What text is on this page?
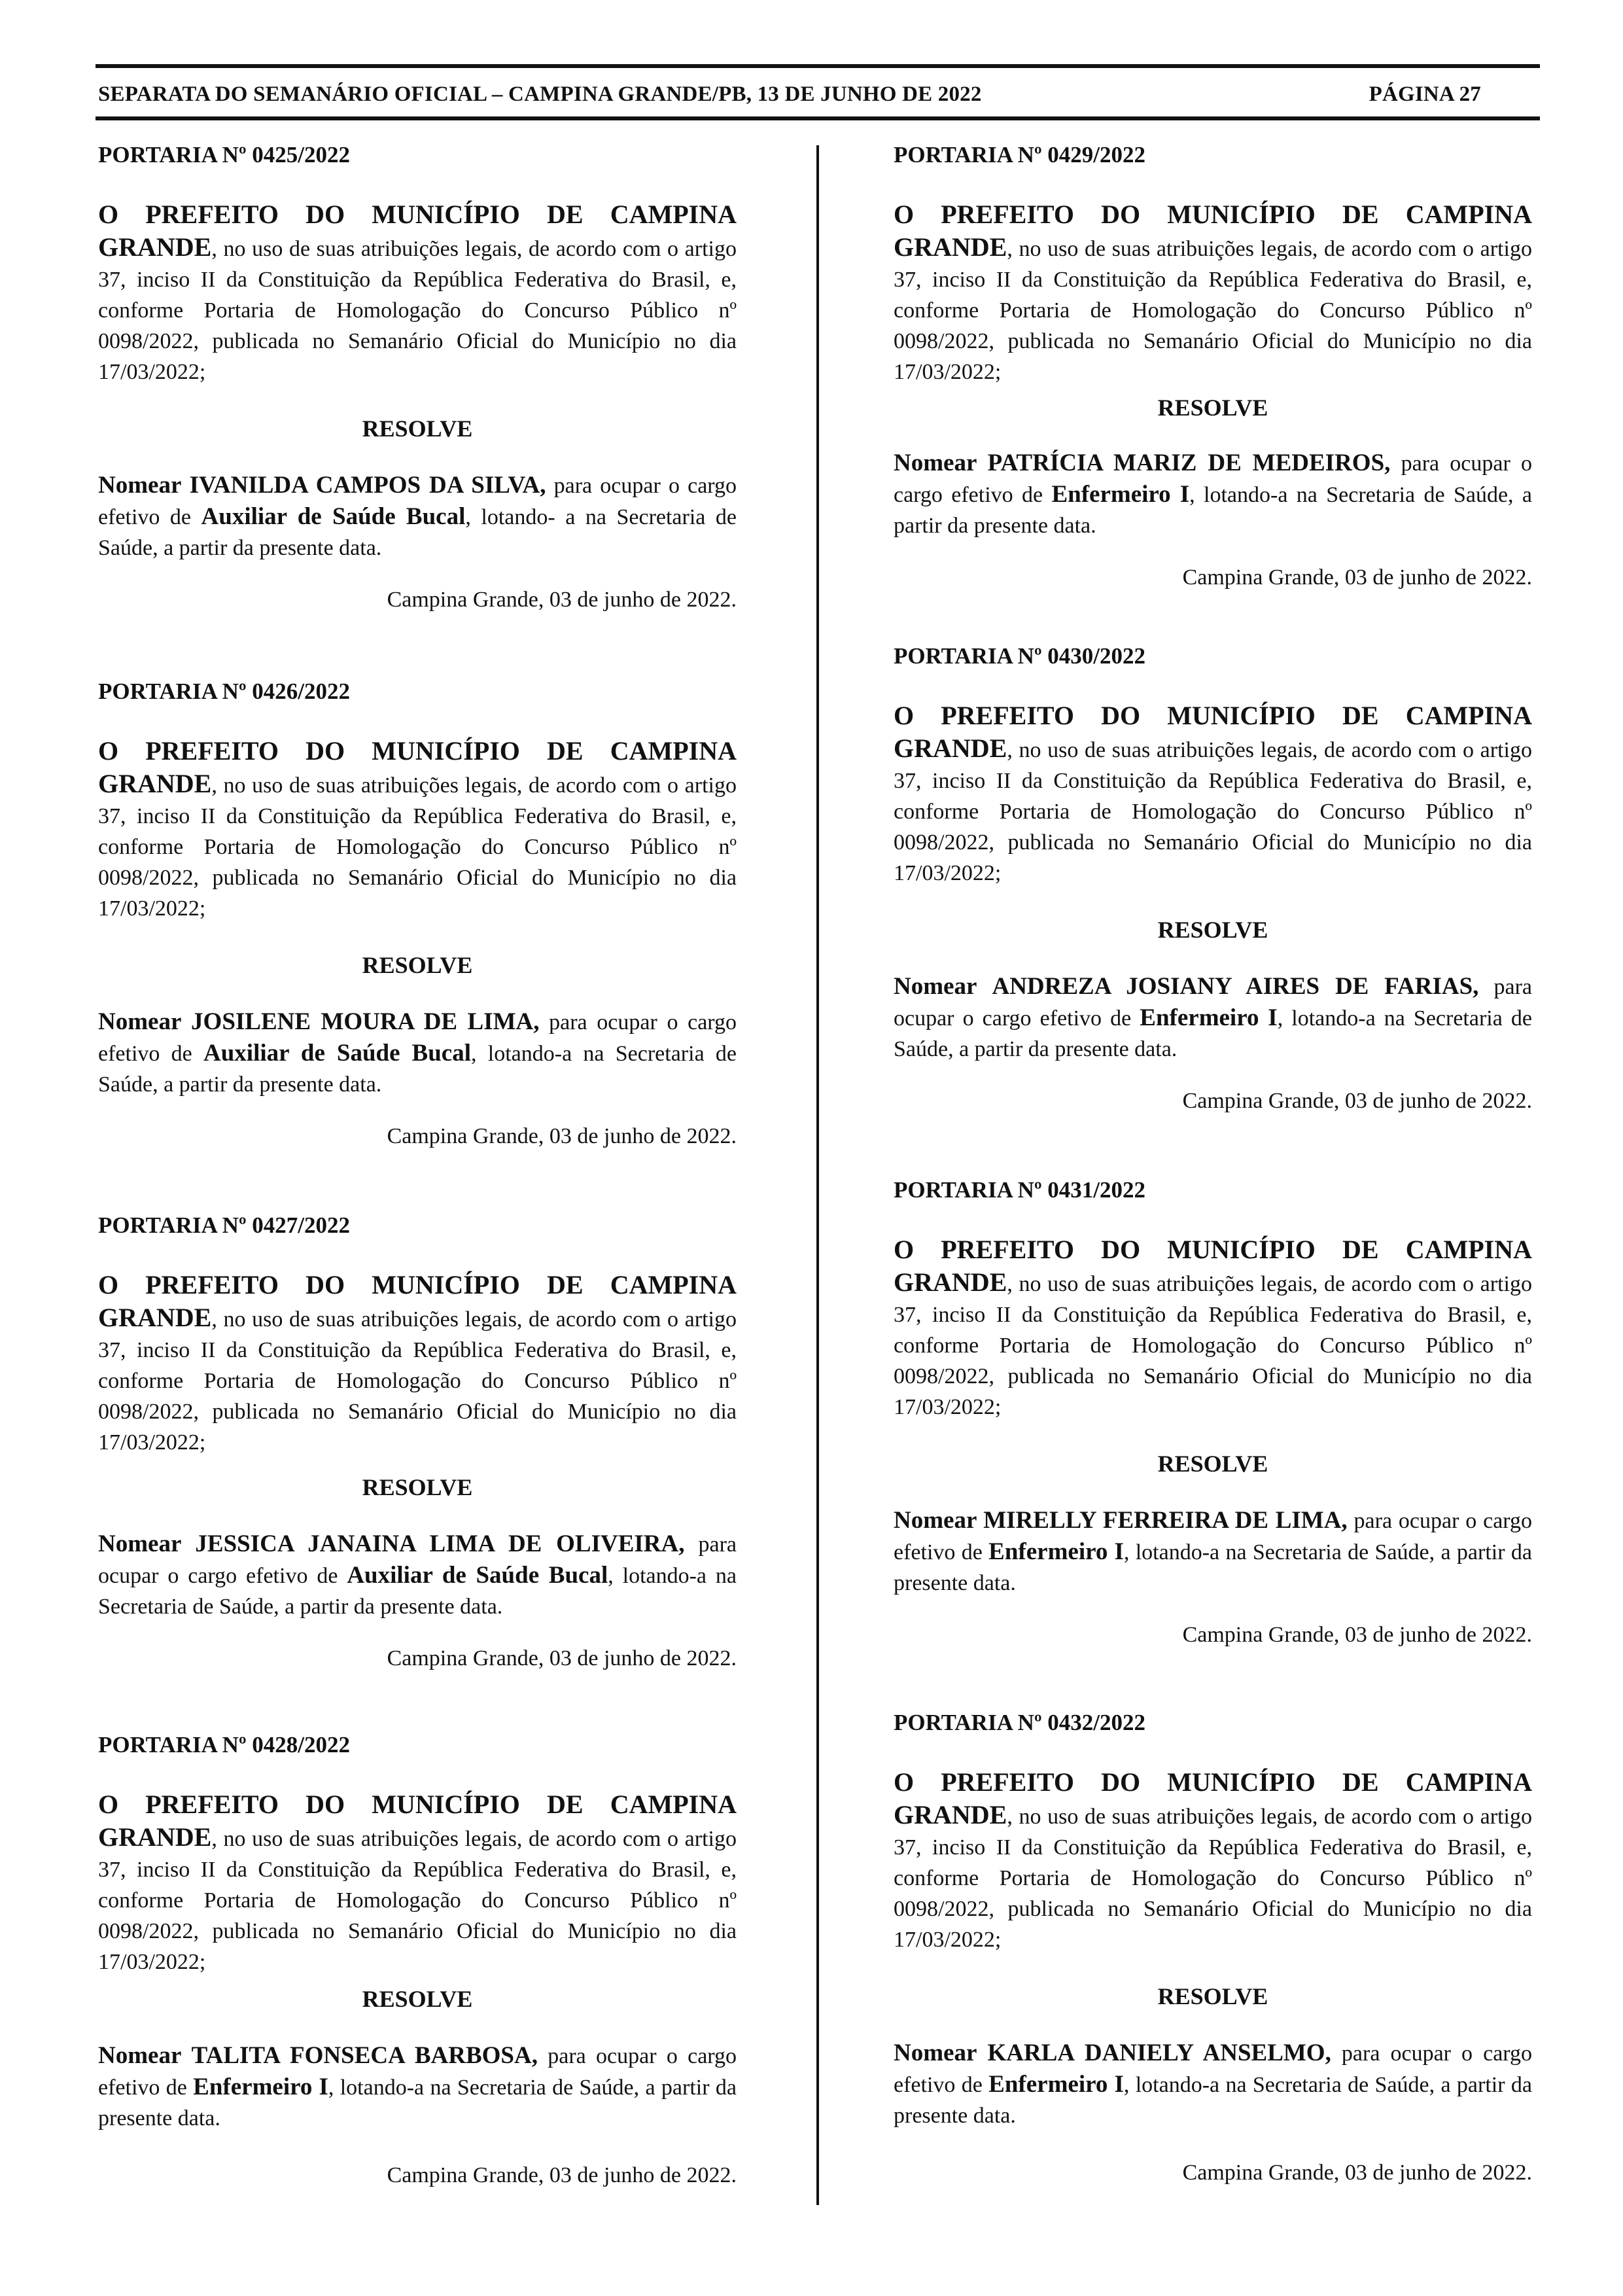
SEPARATA DO SEMANÁRIO OFICIAL – CAMPINA GRANDE/PB, 13 DE JUNHO DE 2022	PÁGINA 27
PORTARIA Nº 0425/2022

O PREFEITO DO MUNICÍPIO DE CAMPINA GRANDE, no uso de suas atribuições legais, de acordo com o artigo 37, inciso II da Constituição da República Federativa do Brasil, e, conforme Portaria de Homologação do Concurso Público nº 0098/2022, publicada no Semanário Oficial do Município no dia 17/03/2022;

RESOLVE

Nomear IVANILDA CAMPOS DA SILVA, para ocupar o cargo efetivo de Auxiliar de Saúde Bucal, lotando- a na Secretaria de Saúde, a partir da presente data.

Campina Grande, 03 de junho de 2022.
PORTARIA Nº 0426/2022

O PREFEITO DO MUNICÍPIO DE CAMPINA GRANDE, no uso de suas atribuições legais, de acordo com o artigo 37, inciso II da Constituição da República Federativa do Brasil, e, conforme Portaria de Homologação do Concurso Público nº 0098/2022, publicada no Semanário Oficial do Município no dia 17/03/2022;

RESOLVE

Nomear JOSILENE MOURA DE LIMA, para ocupar o cargo efetivo de Auxiliar de Saúde Bucal, lotando-a na Secretaria de Saúde, a partir da presente data.

Campina Grande, 03 de junho de 2022.
PORTARIA Nº 0427/2022

O PREFEITO DO MUNICÍPIO DE CAMPINA GRANDE, no uso de suas atribuições legais, de acordo com o artigo 37, inciso II da Constituição da República Federativa do Brasil, e, conforme Portaria de Homologação do Concurso Público nº 0098/2022, publicada no Semanário Oficial do Município no dia 17/03/2022;

RESOLVE

Nomear JESSICA JANAINA LIMA DE OLIVEIRA, para ocupar o cargo efetivo de Auxiliar de Saúde Bucal, lotando-a na Secretaria de Saúde, a partir da presente data.

Campina Grande, 03 de junho de 2022.
PORTARIA Nº 0428/2022

O PREFEITO DO MUNICÍPIO DE CAMPINA GRANDE, no uso de suas atribuições legais, de acordo com o artigo 37, inciso II da Constituição da República Federativa do Brasil, e, conforme Portaria de Homologação do Concurso Público nº 0098/2022, publicada no Semanário Oficial do Município no dia 17/03/2022;

RESOLVE

Nomear TALITA FONSECA BARBOSA, para ocupar o cargo efetivo de Enfermeiro I, lotando-a na Secretaria de Saúde, a partir da presente data.

Campina Grande, 03 de junho de 2022.
PORTARIA Nº 0429/2022

O PREFEITO DO MUNICÍPIO DE CAMPINA GRANDE, no uso de suas atribuições legais, de acordo com o artigo 37, inciso II da Constituição da República Federativa do Brasil, e, conforme Portaria de Homologação do Concurso Público nº 0098/2022, publicada no Semanário Oficial do Município no dia 17/03/2022;

RESOLVE

Nomear PATRÍCIA MARIZ DE MEDEIROS, para ocupar o cargo efetivo de Enfermeiro I, lotando-a na Secretaria de Saúde, a partir da presente data.

Campina Grande, 03 de junho de 2022.
PORTARIA Nº 0430/2022

O PREFEITO DO MUNICÍPIO DE CAMPINA GRANDE, no uso de suas atribuições legais, de acordo com o artigo 37, inciso II da Constituição da República Federativa do Brasil, e, conforme Portaria de Homologação do Concurso Público nº 0098/2022, publicada no Semanário Oficial do Município no dia 17/03/2022;

RESOLVE

Nomear ANDREZA JOSIANY AIRES DE FARIAS, para ocupar o cargo efetivo de Enfermeiro I, lotando-a na Secretaria de Saúde, a partir da presente data.

Campina Grande, 03 de junho de 2022.
PORTARIA Nº 0431/2022

O PREFEITO DO MUNICÍPIO DE CAMPINA GRANDE, no uso de suas atribuições legais, de acordo com o artigo 37, inciso II da Constituição da República Federativa do Brasil, e, conforme Portaria de Homologação do Concurso Público nº 0098/2022, publicada no Semanário Oficial do Município no dia 17/03/2022;

RESOLVE

Nomear MIRELLY FERREIRA DE LIMA, para ocupar o cargo efetivo de Enfermeiro I, lotando-a na Secretaria de Saúde, a partir da presente data.

Campina Grande, 03 de junho de 2022.
PORTARIA Nº 0432/2022

O PREFEITO DO MUNICÍPIO DE CAMPINA GRANDE, no uso de suas atribuições legais, de acordo com o artigo 37, inciso II da Constituição da República Federativa do Brasil, e, conforme Portaria de Homologação do Concurso Público nº 0098/2022, publicada no Semanário Oficial do Município no dia 17/03/2022;

RESOLVE

Nomear KARLA DANIELY ANSELMO, para ocupar o cargo efetivo de Enfermeiro I, lotando-a na Secretaria de Saúde, a partir da presente data.

Campina Grande, 03 de junho de 2022.
